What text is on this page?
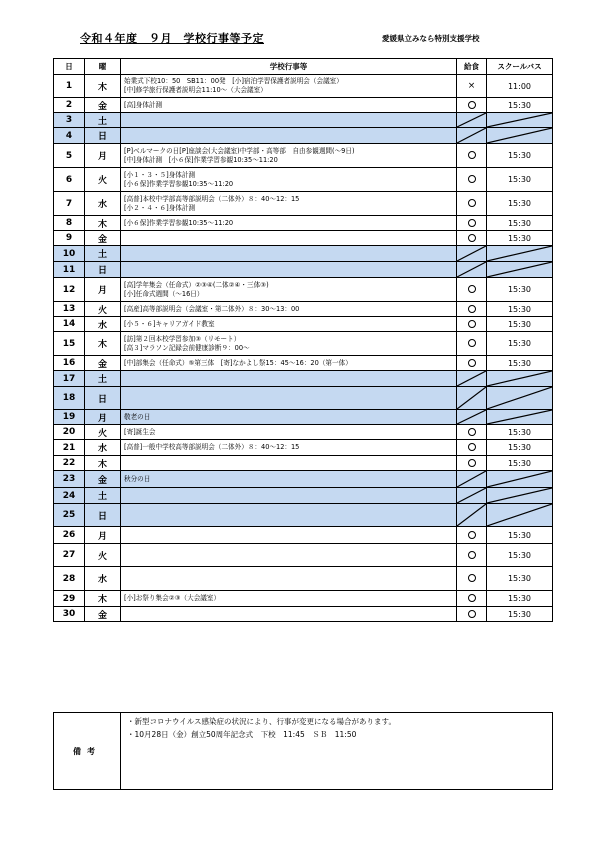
令和４年度　９月　学校行事等予定	愛媛県立みなら特別支援学校
日	曜	学校行事等	給食	スクールバス
1	木	始業式下校10：50　SB11：00発　[小]宿泊学習保護者説明会（会議室）
[中]修学旅行保護者説明会11:10～（大会議室）	×	11:00
2	金	[高]身体計測		15:30
3	土		

4	日		

5	月	[P]ベルマークの日[P]座談会(大会議室)中学部・高等部　自由参観週間(～9日)
[中]身体計測　[小６保]作業学習参観10:35～11:20		15:30
6	火	[小１・３・５]身体計測
[小６保]作業学習参観10:35～11:20		15:30
7	水	[高普]本校中学部高等部説明会（二体外）８：40～12：15
[小２・４・６]身体計測		15:30
8	木	[小６保]作業学習参観10:35～11:20		15:30
9	金			15:30
10	土		

11	日		

12	月	[高]学年集会（任命式）②③④(二体②④・三体③)
[小]任命式週間（～16日）		15:30
13	火	[高産]高等部説明会（会議室・第二体外）８：30～13：00		15:30
14	水	[小５・６]キャリアガイド教室		15:30
15	木	[訪]第２回本校学習参加③（リモート）
[高３]マラソン記録会前健康診断９：00～		15:30
16	金	[中]部集会（任命式）⑤第三体　[寄]なかよし祭15：45～16：20（第一体）		15:30
17	土		

18	日		

19	月	敬老の日

20	火	[寄]誕生会		15:30
21	水	[高普]一般中学校高等部説明会（二体外）８：40～12：15		15:30
22	木			15:30
23	金	秋分の日

24	土		

25	日		

26	月			15:30
27	火			15:30
28	水			15:30
29	木	[小]お祭り集会②③（大会議室）		15:30
30	金			15:30
備考	
・新型コロナウイルス感染症の状況により、行事が変更になる場合があります。
・10月28日（金）創立50周年記念式　下校　11:45　ＳＢ　11:50
